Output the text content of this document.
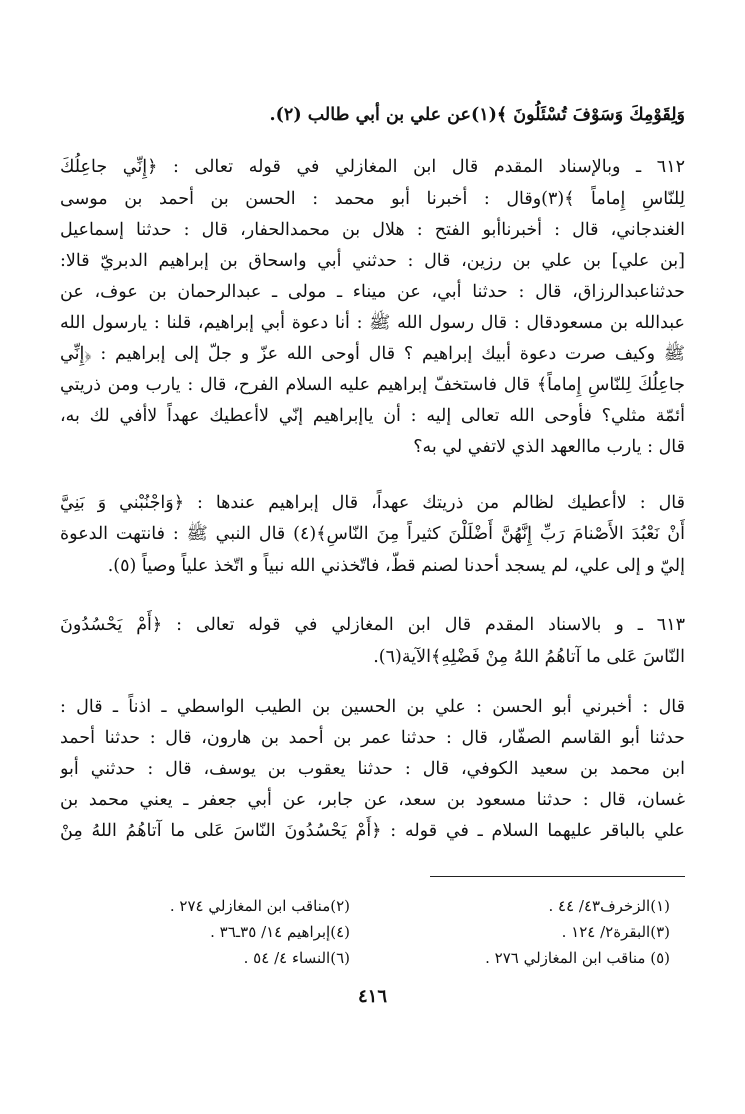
وَلِقَوْمِكَ وَسَوْفَ تُسْئَلُونَ ﴾(١)عن علي بن أبي طالب (٢).
٦١٢ ـ وبالإسناد المقدم قال ابن المغازلي في قوله تعالى : ﴿إِنِّي جاعِلُكَ
لِلنّاسِ إِماماً ﴾(٣)وقال : أخبرنا أبو محمد : الحسن بن أحمد بن موسى
الغندجاني، قال : أخبرناأبو الفتح : هلال بن محمدالحفار، قال : حدثنا إسماعيل
[بن علي] بن علي بن رزين، قال : حدثني أبي واسحاق بن إبراهيم الدبريّ قالا:
حدثناعبدالرزاق، قال : حدثنا أبي، عن ميناء ـ مولى ـ عبدالرحمان بن عوف، عن
عبدالله بن مسعودقال : قال رسول الله ﷺ : أنا دعوة أبي إبراهيم، قلنا : يارسول الله
ﷺ وكيف صرت دعوة أبيك إبراهيم ؟ قال أوحى الله عزّ و جلّ إلى إبراهيم : ﴿إِنِّي
جاعِلُكَ لِلنّاسِ إِماماً﴾ قال فاستخفّ إبراهيم عليه السلام الفرح، قال : يارب ومن ذريتي
أئمّة مثلي؟ فأوحى الله تعالى إليه : أن ياإبراهيم إنّي لاأعطيك عهداً لاأفي لك به،
قال : يارب ماالعهد الذي لاتفي لي به؟
قال : لاأعطيك لظالم من ذريتك عهداً، قال إبراهيم عندها : ﴿وَاجْنُبْني وَ بَنِيَّ
أَنْ نَعْبُدَ الأَصْنامَ رَبِّ إِنَّهُنَّ أَضْلَلْنَ كثيراً مِنَ النّاسِ﴾(٤) قال النبي ﷺ : فانتهت الدعوة
إليّ و إلى علي، لم يسجد أحدنا لصنم قطّ، فاتّخذني الله نبياً و اتّخذ علياً وصياً (٥).
٦١٣ ـ و بالاسناد المقدم قال ابن المغازلي في قوله تعالى : ﴿أَمْ يَحْسُدُونَ
النّاسَ عَلى ما آتاهُمُ اللهُ مِنْ فَضْلِهِ﴾الآية(٦).
قال : أخبرني أبو الحسن : علي بن الحسين بن الطيب الواسطي ـ اذناً ـ قال :
حدثنا أبو القاسم الصفّار، قال : حدثنا عمر بن أحمد بن هارون، قال : حدثنا أحمد
ابن محمد بن سعيد الكوفي، قال : حدثنا يعقوب بن يوسف، قال : حدثني أبو
غسان، قال : حدثنا مسعود بن سعد، عن جابر، عن أبي جعفر ـ يعني محمد بن
علي بالباقر عليهما السلام ـ في قوله : ﴿أَمْ يَحْسُدُونَ النّاسَ عَلى ما آتاهُمُ اللهُ مِنْ
(١)الزخرف٤٣/ ٤٤ .
(٢)مناقب ابن المغازلي ٢٧٤ .
(٣)البقرة٢/ ١٢٤ .
(٤)إبراهيم ١٤/ ٣٥ـ٣٦ .
(٥) مناقب ابن المغازلي ٢٧٦ .
(٦)النساء ٤/ ٥٤ .
٤١٦
